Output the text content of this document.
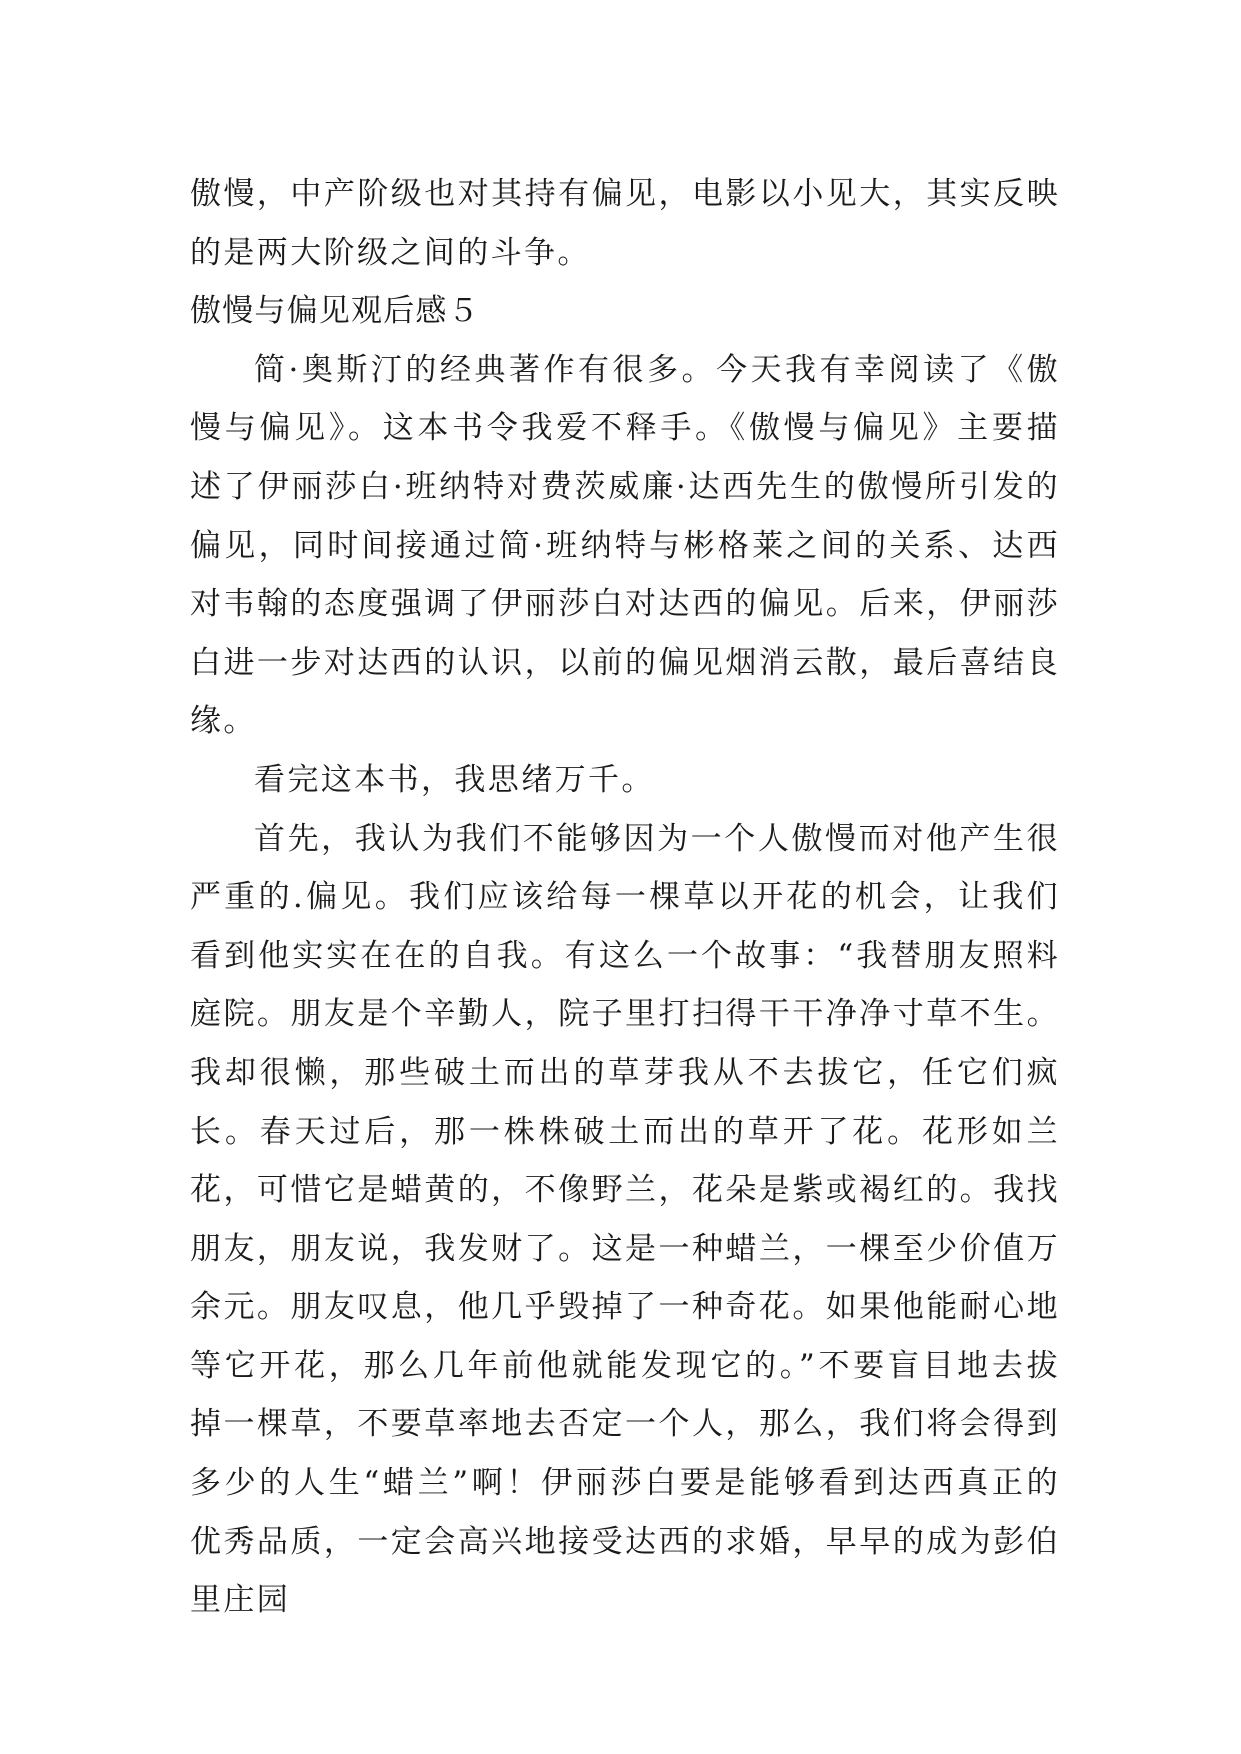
傲慢，中产阶级也对其持有偏见，电影以小见大，其实反映的是两大阶级之间的斗争。

傲慢与偏见观后感５

简·奥斯汀的经典著作有很多。今天我有幸阅读了《傲慢与偏见》。这本书令我爱不释手。《傲慢与偏见》主要描述了伊丽莎白·班纳特对费茨威廉·达西先生的傲慢所引发的偏见，同时间接通过简·班纳特与彬格莱之间的关系、达西对韦翰的态度强调了伊丽莎白对达西的偏见。后来，伊丽莎白进一步对达西的认识，以前的偏见烟消云散，最后喜结良缘。

看完这本书，我思绪万千。

首先，我认为我们不能够因为一个人傲慢而对他产生很严重的.偏见。我们应该给每一棵草以开花的机会，让我们看到他实实在在的自我。有这么一个故事：“我替朋友照料庭院。朋友是个辛勤人，院子里打扫得干干净净寸草不生。我却很懒，那些破土而出的草芽我从不去拔它，任它们疯长。春天过后，那一株株破土而出的草开了花。花形如兰花，可惜它是蜡黄的，不像野兰，花朵是紫或褐红的。我找朋友，朋友说，我发财了。这是一种蜡兰，一棵至少价值万余元。朋友叹息，他几乎毁掉了一种奇花。如果他能耐心地等它开花，那么几年前他就能发现它的。”不要盲目地去拔掉一棵草，不要草率地去否定一个人，那么，我们将会得到多少的人生“蜡兰”啊！伊丽莎白要是能够看到达西真正的优秀品质，一定会高兴地接受达西的求婚，早早的成为彭伯里庄园
